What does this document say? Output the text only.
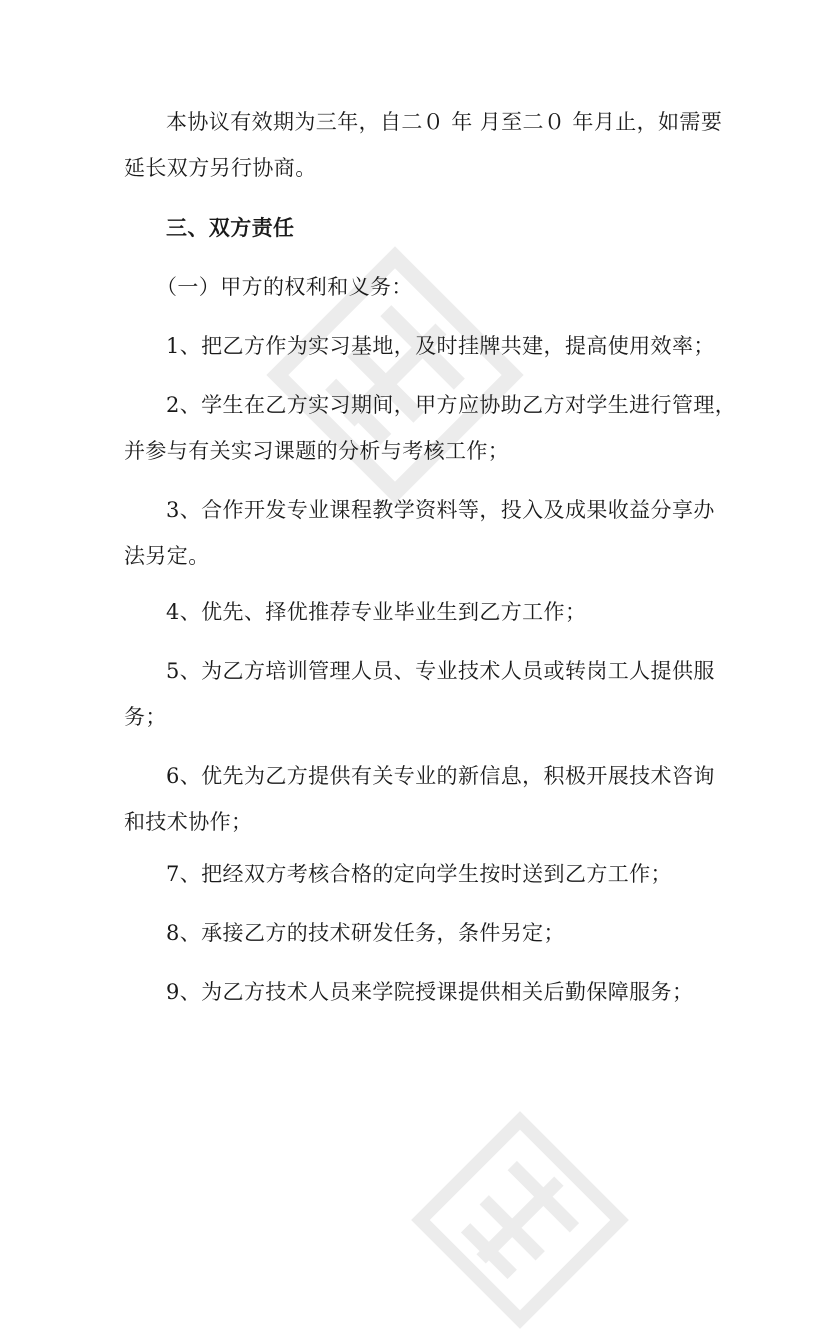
本协议有效期为三年，自二０ 年 月至二０ 年月止，如需要
延长双方另行协商。
三、双方责任
（一）甲方的权利和义务：
1、把乙方作为实习基地，及时挂牌共建，提高使用效率；
2、学生在乙方实习期间，甲方应协助乙方对学生进行管理，
并参与有关实习课题的分析与考核工作；
3、合作开发专业课程教学资料等，投入及成果收益分享办
法另定。
4、优先、择优推荐专业毕业生到乙方工作；
5、为乙方培训管理人员、专业技术人员或转岗工人提供服
务；
6、优先为乙方提供有关专业的新信息，积极开展技术咨询
和技术协作；
7、把经双方考核合格的定向学生按时送到乙方工作；
8、承接乙方的技术研发任务，条件另定；
9、为乙方技术人员来学院授课提供相关后勤保障服务；
